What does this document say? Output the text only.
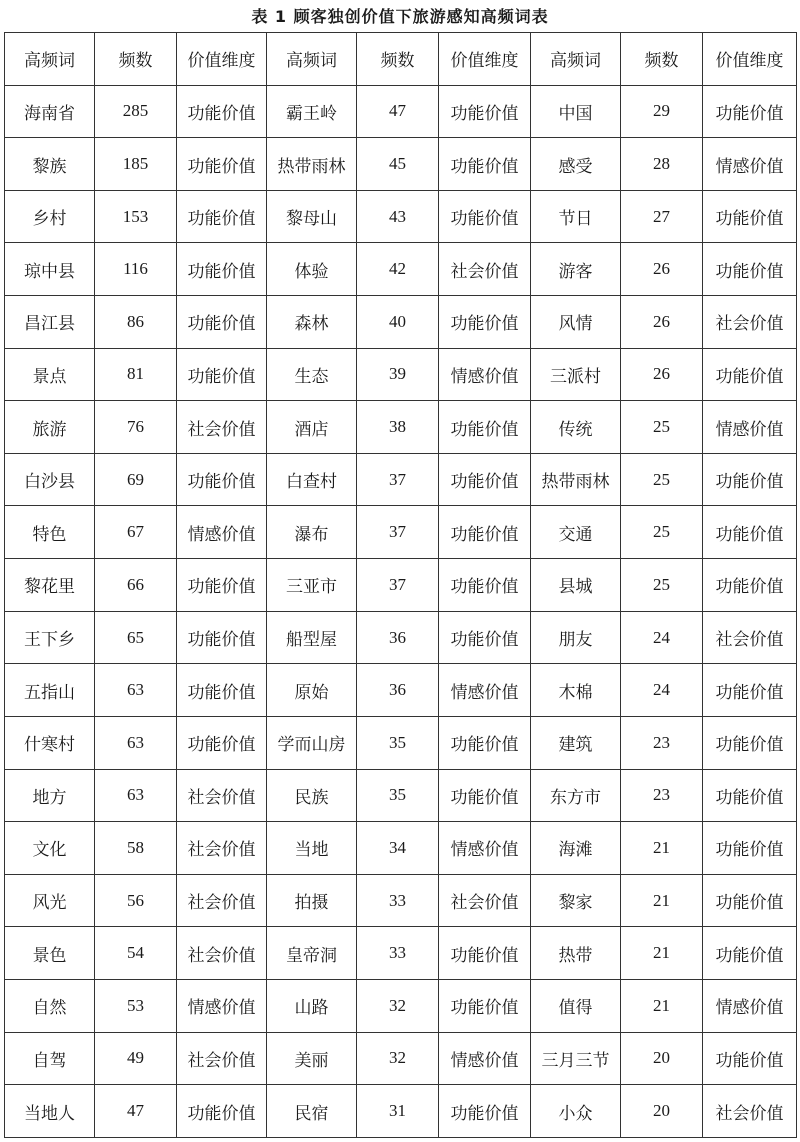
表 1 顾客独创价值下旅游感知高频词表
高频词	频数	价值维度	高频词	频数	价值维度	高频词	频数	价值维度
海南省	285	功能价值	霸王岭	47	功能价值	中国	29	功能价值
黎族	185	功能价值	热带雨林	45	功能价值	感受	28	情感价值
乡村	153	功能价值	黎母山	43	功能价值	节日	27	功能价值
琼中县	116	功能价值	体验	42	社会价值	游客	26	功能价值
昌江县	86	功能价值	森林	40	功能价值	风情	26	社会价值
景点	81	功能价值	生态	39	情感价值	三派村	26	功能价值
旅游	76	社会价值	酒店	38	功能价值	传统	25	情感价值
白沙县	69	功能价值	白查村	37	功能价值	热带雨林	25	功能价值
特色	67	情感价值	瀑布	37	功能价值	交通	25	功能价值
黎花里	66	功能价值	三亚市	37	功能价值	县城	25	功能价值
王下乡	65	功能价值	船型屋	36	功能价值	朋友	24	社会价值
五指山	63	功能价值	原始	36	情感价值	木棉	24	功能价值
什寒村	63	功能价值	学而山房	35	功能价值	建筑	23	功能价值
地方	63	社会价值	民族	35	功能价值	东方市	23	功能价值
文化	58	社会价值	当地	34	情感价值	海滩	21	功能价值
风光	56	社会价值	拍摄	33	社会价值	黎家	21	功能价值
景色	54	社会价值	皇帝洞	33	功能价值	热带	21	功能价值
自然	53	情感价值	山路	32	功能价值	值得	21	情感价值
自驾	49	社会价值	美丽	32	情感价值	三月三节	20	功能价值
当地人	47	功能价值	民宿	31	功能价值	小众	20	社会价值
